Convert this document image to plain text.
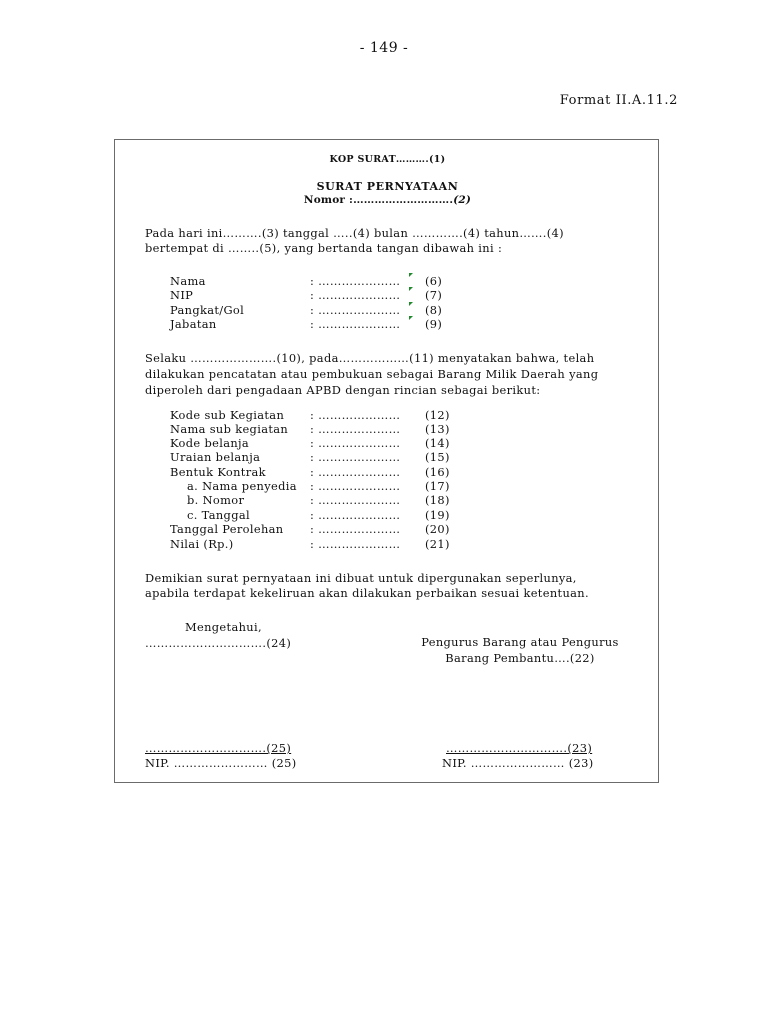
- 149 -
Format II.A.11.2
KOP SURAT……….(1)
SURAT PERNYATAAN
Nomor :……………………….(2)
Pada hari ini……….(3) tanggal …..(4) bulan ………….(4) tahun…….(4)
bertempat di ……..(5), yang bertanda tangan dibawah ini :
Nama	: ………………… (6)
NIP	: ………………… (7)
Pangkat/Gol	: ………………… (8)
Jabatan	: ………………… (9)
Selaku ………………….(10), pada………………(11) menyatakan bahwa, telah
dilakukan pencatatan atau pembukuan sebagai Barang Milik Daerah yang
diperoleh dari pengadaan APBD dengan rincian sebagai berikut:
Kode sub Kegiatan : ………………… (12)
Nama sub kegiatan : ………………… (13)
Kode belanja	: ………………… (14)
Uraian belanja	: ………………… (15)
Bentuk Kontrak	: ………………… (16)
a. Nama penyedia : ………………… (17)
b. Nomor	: ………………… (18)
c. Tanggal	: ………………… (19)
Tanggal Perolehan : ………………… (20)
Nilai (Rp.)	: ………………… (21)
Demikian surat pernyataan ini dibuat untuk dipergunakan seperlunya,
apabila terdapat kekeliruan akan dilakukan perbaikan sesuai ketentuan.
Mengetahui,
………………………….(24)	Pengurus Barang atau Pengurus
Barang Pembantu….(22)
………………………….(25)
NIP. …………………… (25)
………………………….(23)
NIP. …………………… (23)
